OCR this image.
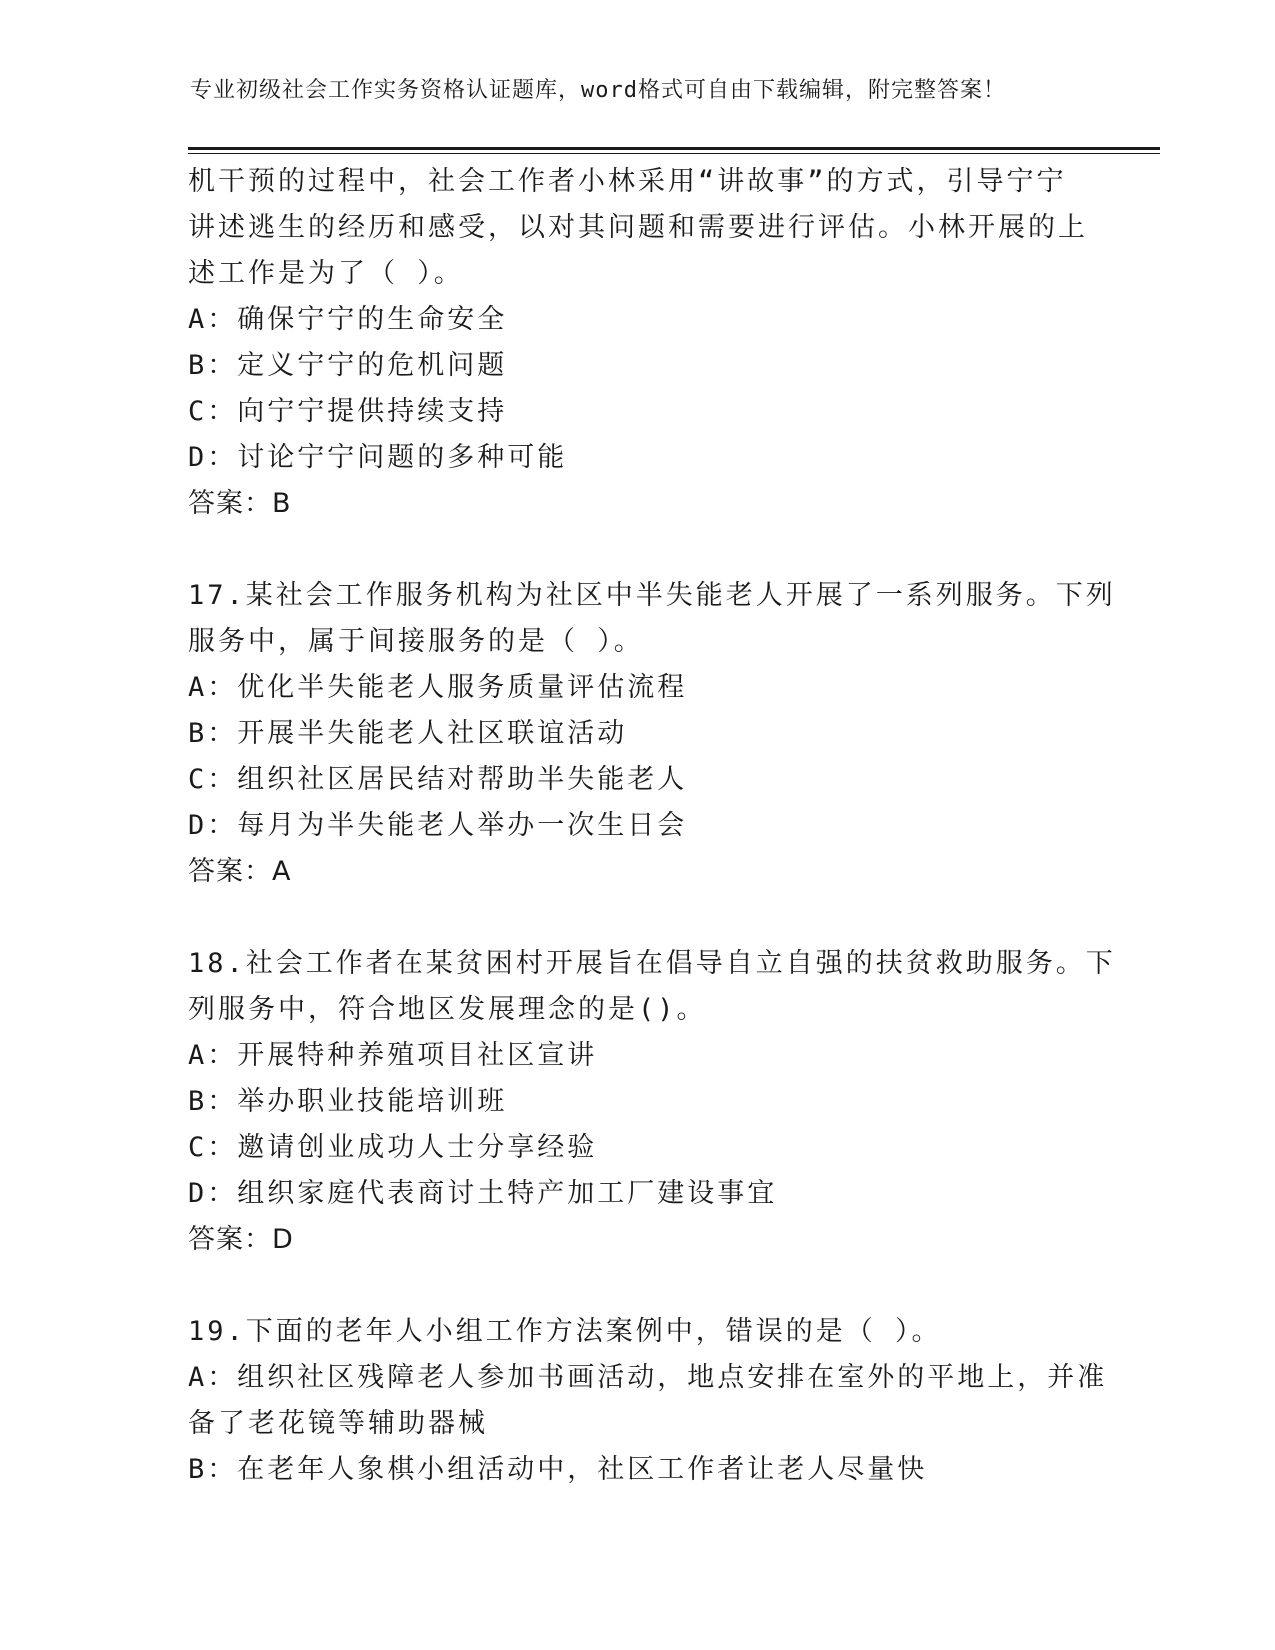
专业初级社会工作实务资格认证题库，word格式可自由下载编辑，附完整答案！
机干预的过程中，社会工作者小林采用“讲故事”的方式，引导宁宁
讲述逃生的经历和感受，以对其问题和需要进行评估。小林开展的上
述工作是为了（ ）。
A：确保宁宁的生命安全
B：定义宁宁的危机问题
C：向宁宁提供持续支持
D：讨论宁宁问题的多种可能
答案：B
17.某社会工作服务机构为社区中半失能老人开展了一系列服务。下列
服务中，属于间接服务的是（ ）。
A：优化半失能老人服务质量评估流程
B：开展半失能老人社区联谊活动
C：组织社区居民结对帮助半失能老人
D：每月为半失能老人举办一次生日会
答案：A
18.社会工作者在某贫困村开展旨在倡导自立自强的扶贫救助服务。下
列服务中，符合地区发展理念的是()。
A：开展特种养殖项目社区宣讲
B：举办职业技能培训班
C：邀请创业成功人士分享经验
D：组织家庭代表商讨土特产加工厂建设事宜
答案：D
19.下面的老年人小组工作方法案例中，错误的是（ ）。
A：组织社区残障老人参加书画活动，地点安排在室外的平地上，并准
备了老花镜等辅助器械
B：在老年人象棋小组活动中，社区工作者让老人尽量快
